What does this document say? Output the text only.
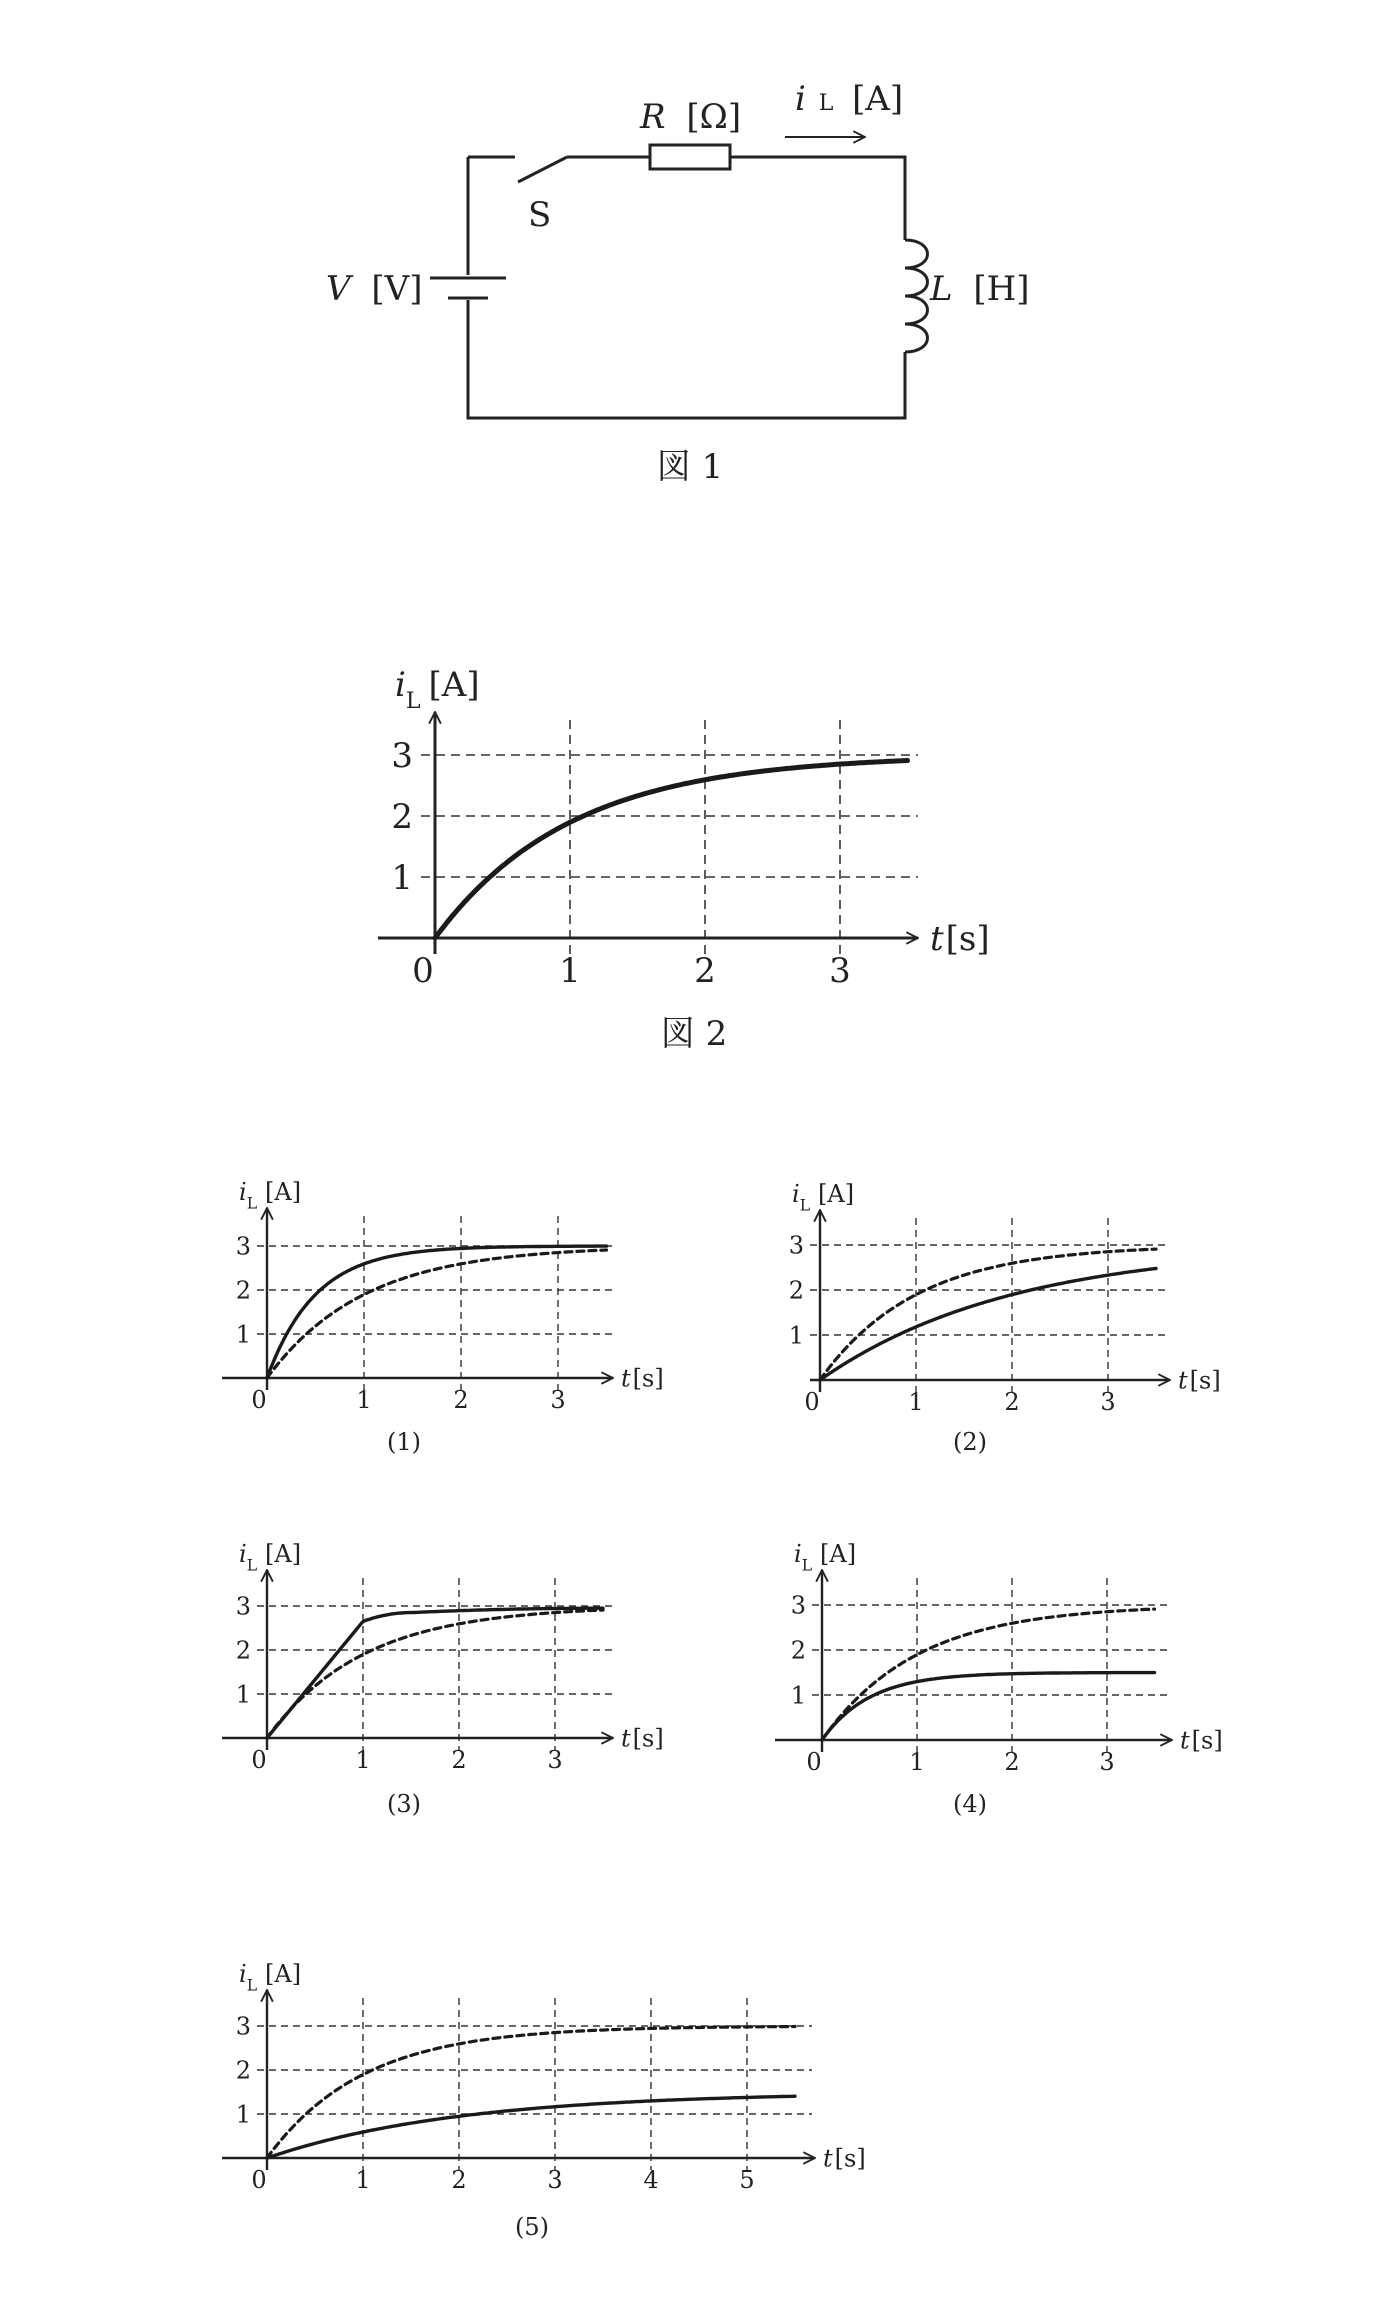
S
R [Ω] i L [A]
V [V]	L [H]
図 1
1
2
3
1	2	3
0
$i_L$ [A]
t[s]
図 2
1
2
3
1	2	3
0
$i_L$ [A]
t[s]
(1)
1
2
3
1	2	3
0
$i_L$ [A]
t[s]
(2)
1
2
3
1	2	3
0
$i_L$ [A]
t[s]
(3)
1
2
3
1	2	3
0
$i_L$ [A]
t[s]
(4)
1
2
3
1	2	3	4	5
0
$i_L$ [A]
t[s]
(5)
